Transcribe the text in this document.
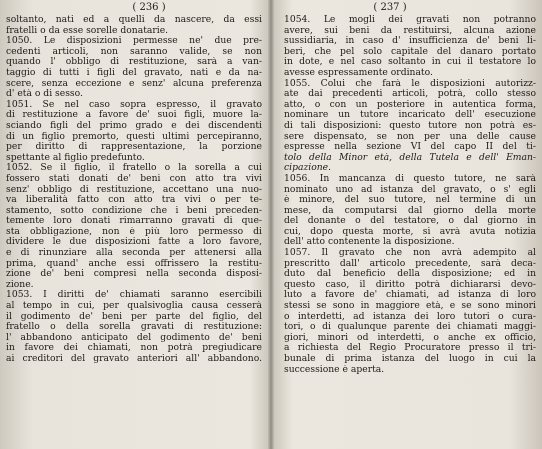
( 236 )
soltanto, nati ed a quelli da nascere, da essi
fratelli o da esse sorelle donatarie.
1050. Le disposizioni permesse ne' due pre-
cedenti articoli, non saranno valide, se non
quando l' obbligo di restituzione, sarà a van-
taggio di tutti i figli del gravato, nati e da na-
scere, senza eccezione e senz' alcuna preferenza
d' età o di sesso.
1051. Se nel caso sopra espresso, il gravato
di restituzione a favore de' suoi figli, muore la-
sciando figli del primo grado e dei discendenti
di un figlio premorto, questi ultimi percepiranno,
per diritto di rappresentazione, la porzione
spettante al figlio predefunto.
1052. Se il figlio, il fratello o la sorella a cui
fossero stati donati de' beni con atto tra vivi
senz' obbligo di restituzione, accettano una nuo-
va liberalità fatto con atto tra vivi o per te-
stamento, sotto condizione che i beni preceden-
temente loro donati rimarranno gravati di que-
sta obbligazione, non è più loro permesso di
dividere le due disposizioni fatte a loro favore,
e di rinunziare alla seconda per attenersi alla
prima, quand' anche essi offrissero la restitu-
zione de' beni compresi nella seconda disposi-
zione.
1053. I diritti de' chiamati saranno esercibili
al tempo in cui, per qualsivoglia causa cesserà
il godimento de' beni per parte del figlio, del
fratello o della sorella gravati di restituzione:
l' abbandono anticipato del godimento de' beni
in favore dei chiamati, non potrà pregiudicare
ai creditori del gravato anteriori all' abbandono.
( 237 )
1054. Le mogli dei gravati non potranno
avere, sui beni da restituirsi, alcuna azione
sussidiaria, in caso d' insufficienza de' beni li-
beri, che pel solo capitale del danaro portato
in dote, e nel caso soltanto in cui il testatore lo
avesse espressamente ordinato.
1055. Colui che farà le disposizioni autorizz-
ate dai precedenti articoli, potrà, collo stesso
atto, o con un posteriore in autentica forma,
nominare un tutore incaricato dell' esecuzione
di tali disposizioni: questo tutore non potrà es-
sere dispensato, se non per una delle cause
espresse nella sezione VI del capo II del ti-
tolo della Minor età, della Tutela e dell' Eman-
cipazione.
1056. In mancanza di questo tutore, ne sarà
nominato uno ad istanza del gravato, o s' egli
è minore, del suo tutore, nel termine di un
mese, da computarsi dal giorno della morte
del donante o del testatore, o dal giorno in
cui, dopo questa morte, si avrà avuta notizia
dell' atto contenente la disposizione.
1057. Il gravato che non avrà adempito al
prescritto dall' articolo precedente, sarà deca-
duto dal beneficio della disposizione; ed in
questo caso, il diritto potrà dichiararsi devo-
luto a favore de' chiamati, ad istanza di loro
stessi se sono in maggiore età, e se sono minori
o interdetti, ad istanza dei loro tutori o cura-
tori, o di qualunque parente dei chiamati maggi-
giori, minori od interdetti, o anche ex officio,
a richiesta del Regio Procuratore presso il tri-
bunale di prima istanza del luogo in cui la
successione è aperta.
